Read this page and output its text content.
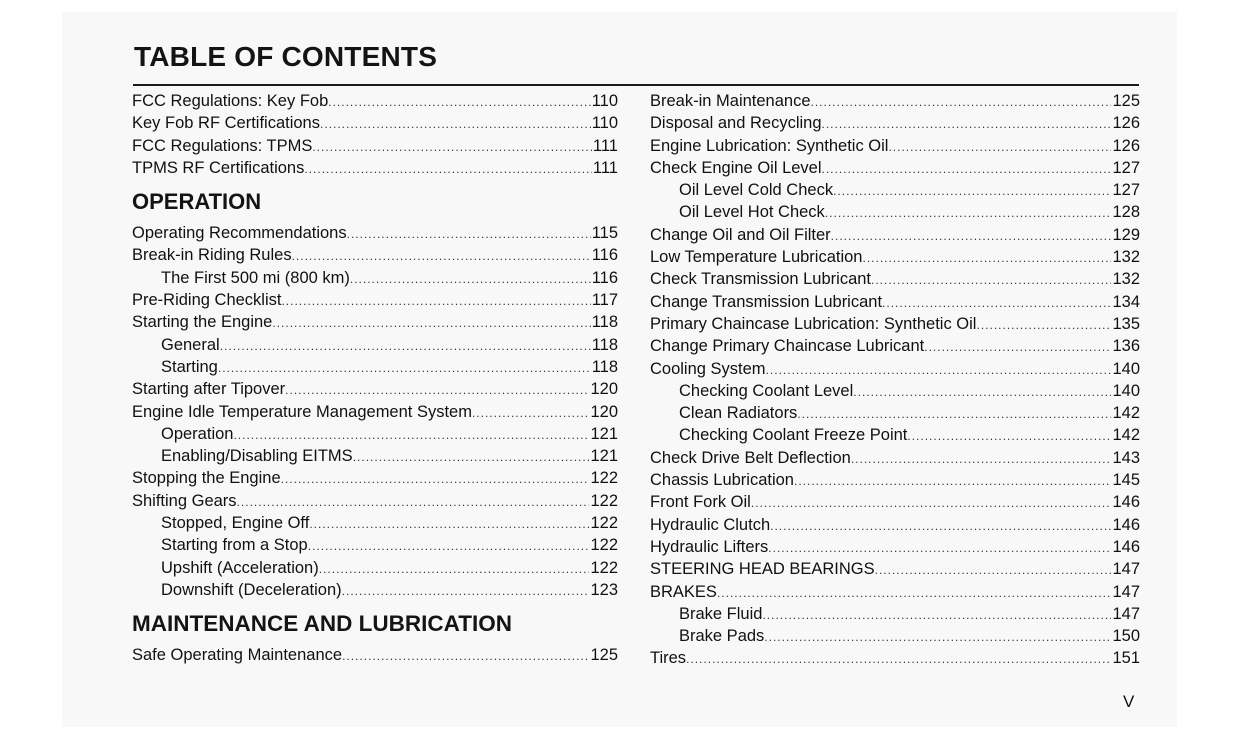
TABLE OF CONTENTS
FCC Regulations: Key Fob .....	110
Key Fob RF Certifications .....	110
FCC Regulations: TPMS .....	111
TPMS RF Certifications .....	111
OPERATION
Operating Recommendations .....	115
Break-in Riding Rules .....	116
The First 500 mi (800 km) .....	116
Pre-Riding Checklist .....	117
Starting the Engine .....	118
General .....	118
Starting .....	118
Starting after Tipover .....	120
Engine Idle Temperature Management System .....	120
Operation .....	121
Enabling/Disabling EITMS .....	121
Stopping the Engine .....	122
Shifting Gears .....	122
Stopped, Engine Off .....	122
Starting from a Stop .....	122
Upshift (Acceleration) .....	122
Downshift (Deceleration) .....	123
MAINTENANCE AND LUBRICATION
Safe Operating Maintenance .....	125
Break-in Maintenance .....	125
Disposal and Recycling .....	126
Engine Lubrication: Synthetic Oil .....	126
Check Engine Oil Level .....	127
Oil Level Cold Check .....	127
Oil Level Hot Check .....	128
Change Oil and Oil Filter .....	129
Low Temperature Lubrication .....	132
Check Transmission Lubricant .....	132
Change Transmission Lubricant .....	134
Primary Chaincase Lubrication: Synthetic Oil .....	135
Change Primary Chaincase Lubricant .....	136
Cooling System .....	140
Checking Coolant Level .....	140
Clean Radiators .....	142
Checking Coolant Freeze Point .....	142
Check Drive Belt Deflection .....	143
Chassis Lubrication .....	145
Front Fork Oil .....	146
Hydraulic Clutch .....	146
Hydraulic Lifters .....	146
STEERING HEAD BEARINGS .....	147
BRAKES .....	147
Brake Fluid .....	147
Brake Pads .....	150
Tires .....	151
V
